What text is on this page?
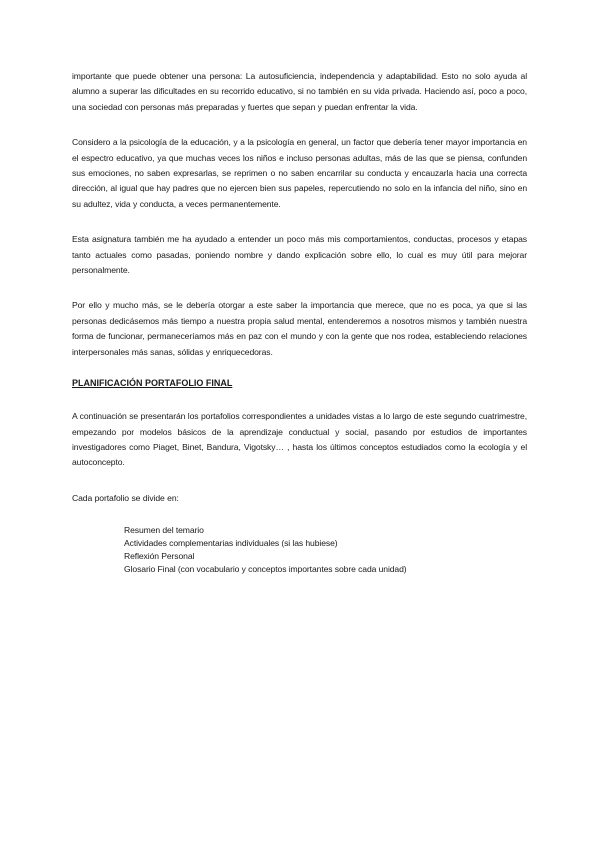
importante que puede obtener una persona: La autosuficiencia, independencia y adaptabilidad. Esto no solo ayuda al alumno a superar las dificultades en su recorrido educativo, si no también en su vida privada. Haciendo así, poco a poco, una sociedad con personas más preparadas y fuertes que sepan y puedan enfrentar la vida.

Considero a la psicología de la educación, y a la psicología en general, un factor que debería tener mayor importancia en el espectro educativo, ya que muchas veces los niños e incluso personas adultas, más de las que se piensa, confunden sus emociones, no saben expresarlas, se reprimen o no saben encarrilar su conducta y encauzarla hacia una correcta dirección, al igual que hay padres que no ejercen bien sus papeles, repercutiendo no solo en la infancia del niño, sino en su adultez, vida y conducta, a veces permanentemente.

Esta asignatura también me ha ayudado a entender un poco más mis comportamientos, conductas, procesos y etapas tanto actuales como pasadas, poniendo nombre y dando explicación sobre ello, lo cual es muy útil para mejorar personalmente.

Por ello y mucho más, se le debería otorgar a este saber la importancia que merece, que no es poca, ya que si las personas dedicásemos más tiempo a nuestra propia salud mental, entenderemos a nosotros mismos y también nuestra forma de funcionar, permaneceríamos más en paz con el mundo y con la gente que nos rodea, estableciendo relaciones interpersonales más sanas, sólidas y enriquecedoras.

PLANIFICACIÓN PORTAFOLIO FINAL

A continuación se presentarán los portafolios correspondientes a unidades vistas a lo largo de este segundo cuatrimestre, empezando por modelos básicos de la aprendizaje conductual y social, pasando por estudios de importantes investigadores como Piaget, Binet, Bandura, Vigotsky… , hasta los últimos conceptos estudiados como la ecología y el autoconcepto.

Cada portafolio se divide en:

Resumen del temario
Actividades complementarias individuales (si las hubiese)
Reflexión Personal
Glosario Final (con vocabulario y conceptos importantes sobre cada unidad)
